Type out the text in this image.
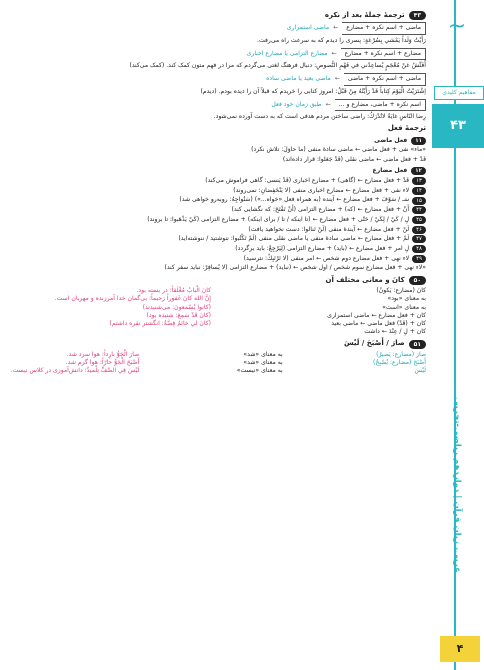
~
مفاهیم کلیدی
۴۳
عربی، زبان قرآن | دوازدهم ریاضی-تجربی
۴
۴۳
ترجمهٔ جملهٔ بعد از نکره
ماضی + اسم نکره + مضارع
←
ماضی استمراری
رَأَيْتُ وَلَداً يَمْشي بِسُرْعَةٍ: پسری را دیدم که به سرعت راه می‌رفت.
مضارع + اسم نکره + مضارع
←
مضارع التزامی یا مضارع اخباری
أُفَتِّشُ عَنْ مُعْجَمٍ يُساعِدُني في فَهْمِ النُّصوصِ: دنبال فرهنگ لغتی می‌گردم که مرا در فهم متون کمک کند. (کمک می‌کند)
ماضی + اسم نکره + ماضی
←
ماضی بعید یا ماضی ساده
اِشْتَرَيْتُ الْيَوْمَ كِتاباً قَدْ رَأَيْتُهُ مِنْ قَبْلُ: امروز کتابی را خریدم که قبلاً آن را دیده بودم. (دیدم)
اسم نکره + ماضی، مضارع و ...
←
طبق زمان خود فعل
رِضا النّاسِ غايَةٌ لاتُدْرَكُ: راضی ساختن مردم هدفی است که به دست آورده نمی‌شود.
ترجمهٔ فعل
۱۱
فعل ماضی
«ماء» نفی + فعل ماضی ← ماضی سادهٔ منفی (ما حاوَلَ: تلاش نکرد)
قَدْ + فعل ماضی ← ماضی نقلی (قَدْ جَعَلوا: قرار داده‌اند)
۱۲
فعل مضارع
۱۳
قَدْ + فعل مضارع ← (گاهی) + مضارع اخباری (قَدْ يَنسی: گاهی فراموش می‌کند)
۱۴
لاء نفی + فعل مضارع ← مضارع اخباری منفی (لا يَنْخَفِضانِ: نمی‌روند)
۱۵
سَـ / سَوْفَ + فعل مضارع ← آینده (به همراه فعل «خواه...») (سَتُواجِهُ: روبه‌رو خواهی شد)
۴۴
أَنْ + فعل مضارع ← (که) + مضارع التزامی (أَنْ تَفْتَحَ: که نگشایی کند)
۴۵
لِ / كَيْ / لِكَيْ / حَتّى + فعل مضارع ← (تا اینکه / تا / برای اینکه) + مضارع التزامی (كَيْ يَذْهَبوا: تا بروند)
۴۶
لَنْ + فعل مضارع ← آیندهٔ منفی (لَنْ تَنالوا: دست نخواهید یافت)
۴۷
لَمْ + فعل مضارع ← ماضی سادهٔ منفی یا ماضی نقلی منفی (لَمْ تَكْتُبوا: ننوشتید / ننوشته‌اید)
۴۸
لِ امر + فعل مضارع ← (باید) + مضارع التزامی (لِيَرْجِعْ: باید برگردد)
۴۹
لاء نهی + فعل مضارع دوم شخص ← امر منفی (لا تَرْتَبِكْ: نترسید)
«لاء نهی + فعل مضارع سوم شخص / اول شخص ← (نباید) + مضارع التزامی (لا يُسافِرْ: نباید سفر کند)
۵۰
کانَ و معانی مختلف آن
کانَ (مضارع: يَكونُ)
به معنای «بود»
به معنای «است»
کان + فعل مضارع ← ماضی استمراری
کان + (قَدْ) فعل ماضی ← ماضی بعید
کان + لِ / عِنْدَ ← داشت
کانَ الْبابُ مُغْلَقاً: در بسته بود.
إِنَّ اللهَ كانَ غَفوراً رَحيماً: بی‌گمان خدا آمرزنده و مهربان است.
(کانوا يُسْمَعونَ: می‌شنیدند)
(كانَ قَدْ سَمِعَ: شنیده بود)
(كانَ لي خاتَمٌ فِضَّةٌ: انگشتر نقره داشتم)
۵۱
صارَ / أَصْبَحَ / لَيْسَ
صارَ (مضارع: يَصيرُ)
أَصْبَحَ (مضارع: يُصْبِحُ)
لَيْسَ
به معنای «شد»
به معنای «شد»
به معنای «نیست»
صارَ الْجَوُّ بارِداً: هوا سرد شد.
أَصْبَحَ الْجَوُّ حارّاً: هوا گرم شد.
لَيْسَ فِي الصَّفِّ تِلْميذٌ: دانش‌آموزی در کلاس نیست.
